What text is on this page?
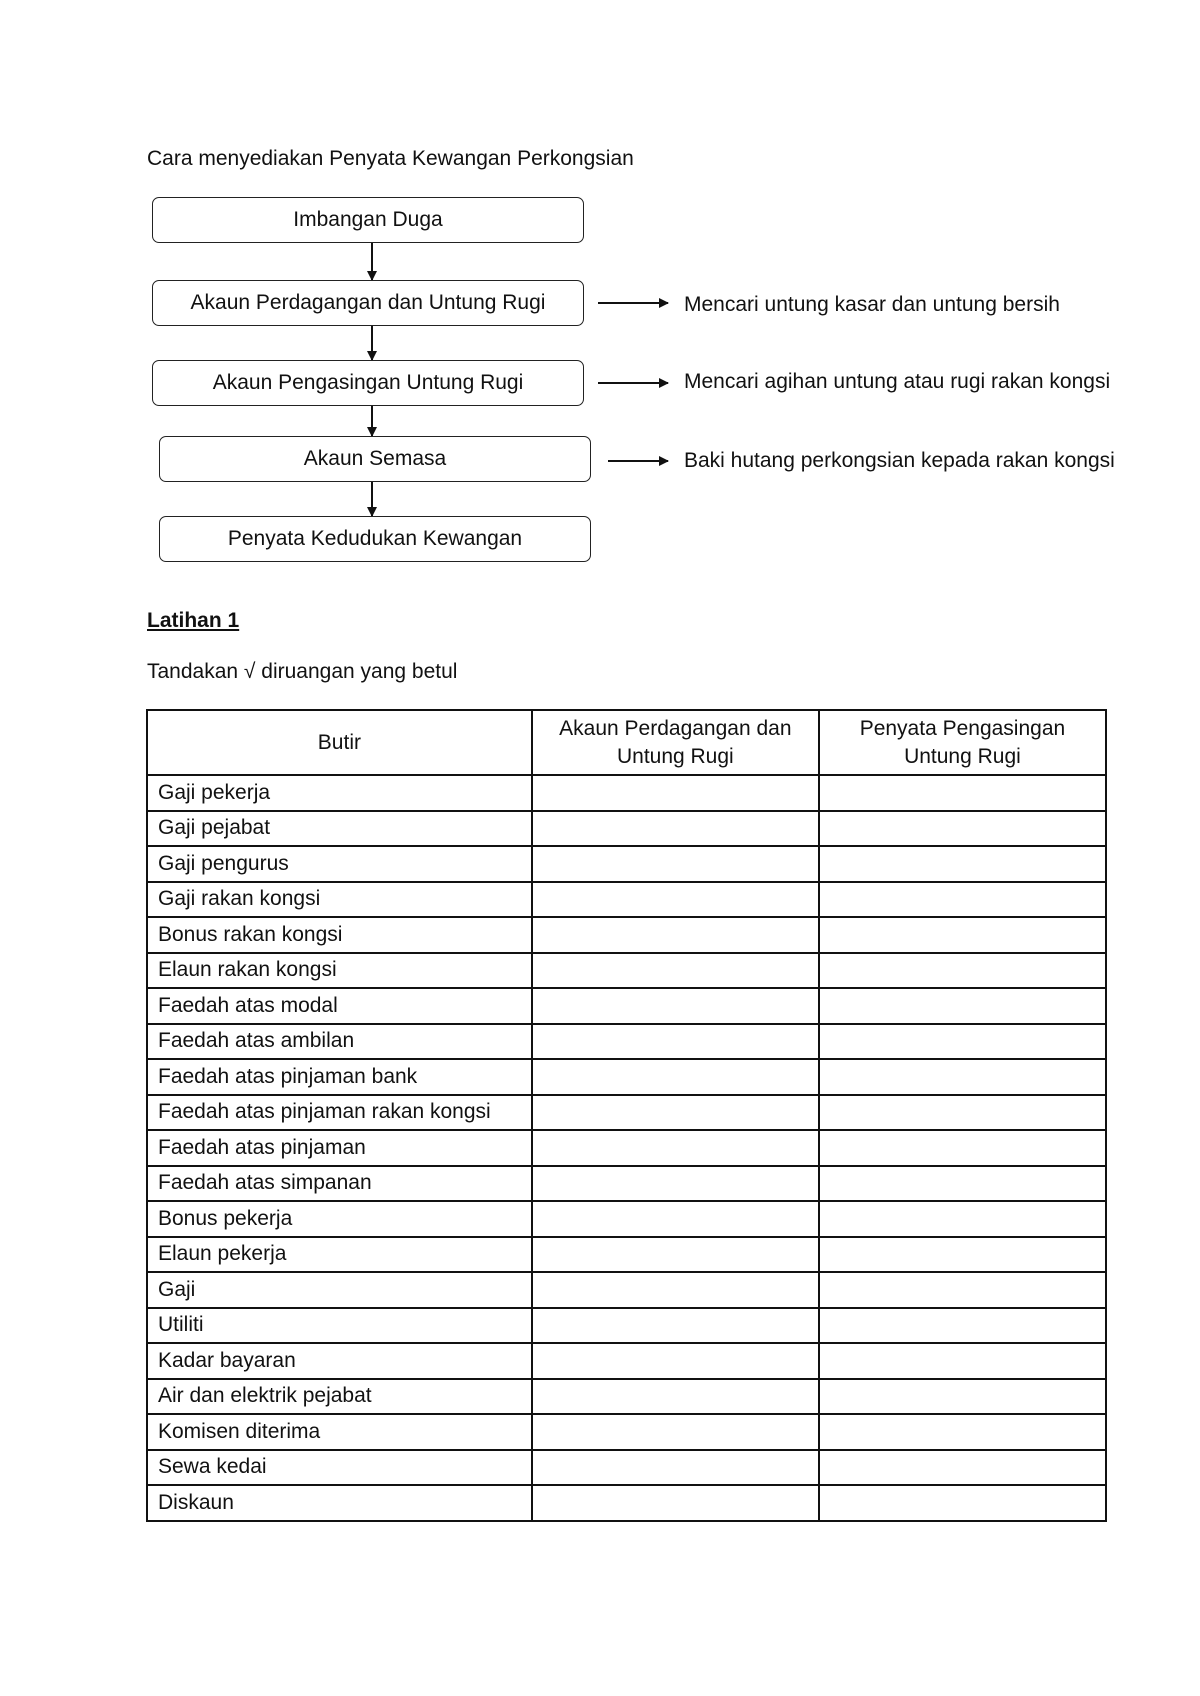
Cara menyediakan Penyata Kewangan Perkongsian
Imbangan Duga
Akaun Perdagangan dan Untung Rugi
Akaun Pengasingan Untung Rugi
Akaun Semasa
Penyata Kedudukan Kewangan
Mencari untung kasar dan untung bersih
Mencari agihan untung atau rugi rakan kongsi
Baki hutang perkongsian kepada rakan kongsi
Latihan 1
Tandakan √ diruangan yang betul
Butir	Akaun Perdagangan dan Untung Rugi	Penyata Pengasingan Untung Rugi
Gaji pekerja		
Gaji pejabat		
Gaji pengurus		
Gaji rakan kongsi		
Bonus rakan kongsi		
Elaun rakan kongsi		
Faedah atas modal		
Faedah atas ambilan		
Faedah atas pinjaman bank		
Faedah atas pinjaman rakan kongsi		
Faedah atas pinjaman		
Faedah atas simpanan		
Bonus pekerja		
Elaun pekerja		
Gaji		
Utiliti		
Kadar bayaran		
Air dan elektrik pejabat		
Komisen diterima		
Sewa kedai		
Diskaun		
